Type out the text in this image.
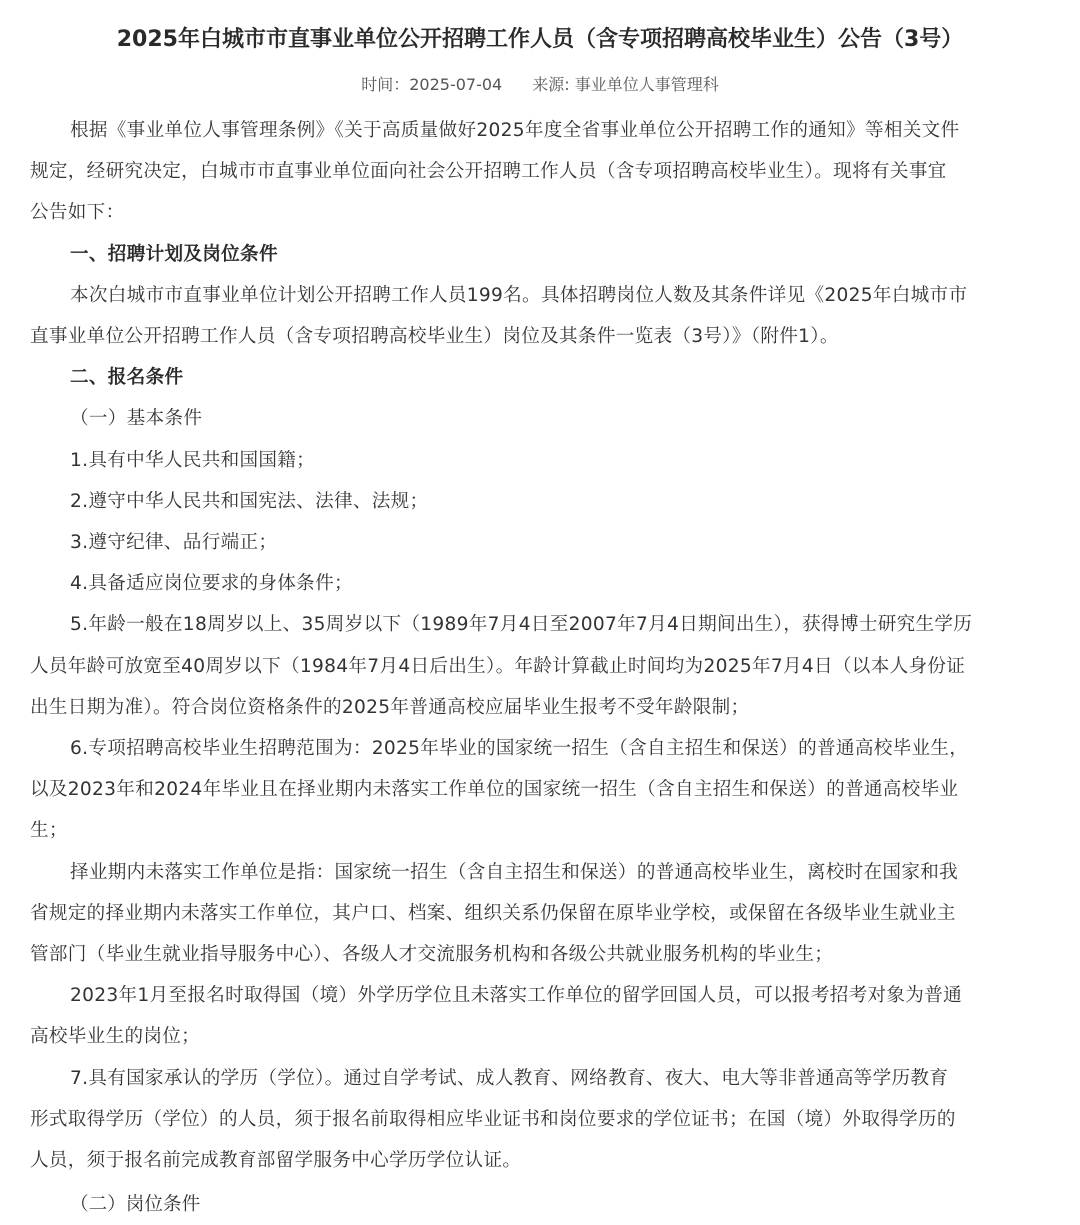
2025年白城市市直事业单位公开招聘工作人员（含专项招聘高校毕业生）公告（3号）
时间：2025-07-04 来源: 事业单位人事管理科
根据《事业单位人事管理条例》《关于高质量做好2025年度全省事业单位公开招聘工作的通知》等相关文件
规定，经研究决定，白城市市直事业单位面向社会公开招聘工作人员（含专项招聘高校毕业生）。现将有关事宜
公告如下：
一、招聘计划及岗位条件
本次白城市市直事业单位计划公开招聘工作人员199名。具体招聘岗位人数及其条件详见《2025年白城市市
直事业单位公开招聘工作人员（含专项招聘高校毕业生）岗位及其条件一览表（3号）》（附件1）。
二、报名条件
（一）基本条件
1.具有中华人民共和国国籍；
2.遵守中华人民共和国宪法、法律、法规；
3.遵守纪律、品行端正；
4.具备适应岗位要求的身体条件；
5.年龄一般在18周岁以上、35周岁以下（1989年7月4日至2007年7月4日期间出生），获得博士研究生学历
人员年龄可放宽至40周岁以下（1984年7月4日后出生）。年龄计算截止时间均为2025年7月4日（以本人身份证
出生日期为准）。符合岗位资格条件的2025年普通高校应届毕业生报考不受年龄限制；
6.专项招聘高校毕业生招聘范围为：2025年毕业的国家统一招生（含自主招生和保送）的普通高校毕业生，
以及2023年和2024年毕业且在择业期内未落实工作单位的国家统一招生（含自主招生和保送）的普通高校毕业
生；
择业期内未落实工作单位是指：国家统一招生（含自主招生和保送）的普通高校毕业生，离校时在国家和我
省规定的择业期内未落实工作单位，其户口、档案、组织关系仍保留在原毕业学校，或保留在各级毕业生就业主
管部门（毕业生就业指导服务中心）、各级人才交流服务机构和各级公共就业服务机构的毕业生；
2023年1月至报名时取得国（境）外学历学位且未落实工作单位的留学回国人员，可以报考招考对象为普通
高校毕业生的岗位；
7.具有国家承认的学历（学位）。通过自学考试、成人教育、网络教育、夜大、电大等非普通高等学历教育
形式取得学历（学位）的人员，须于报名前取得相应毕业证书和岗位要求的学位证书；在国（境）外取得学历的
人员，须于报名前完成教育部留学服务中心学历学位认证。
（二）岗位条件
